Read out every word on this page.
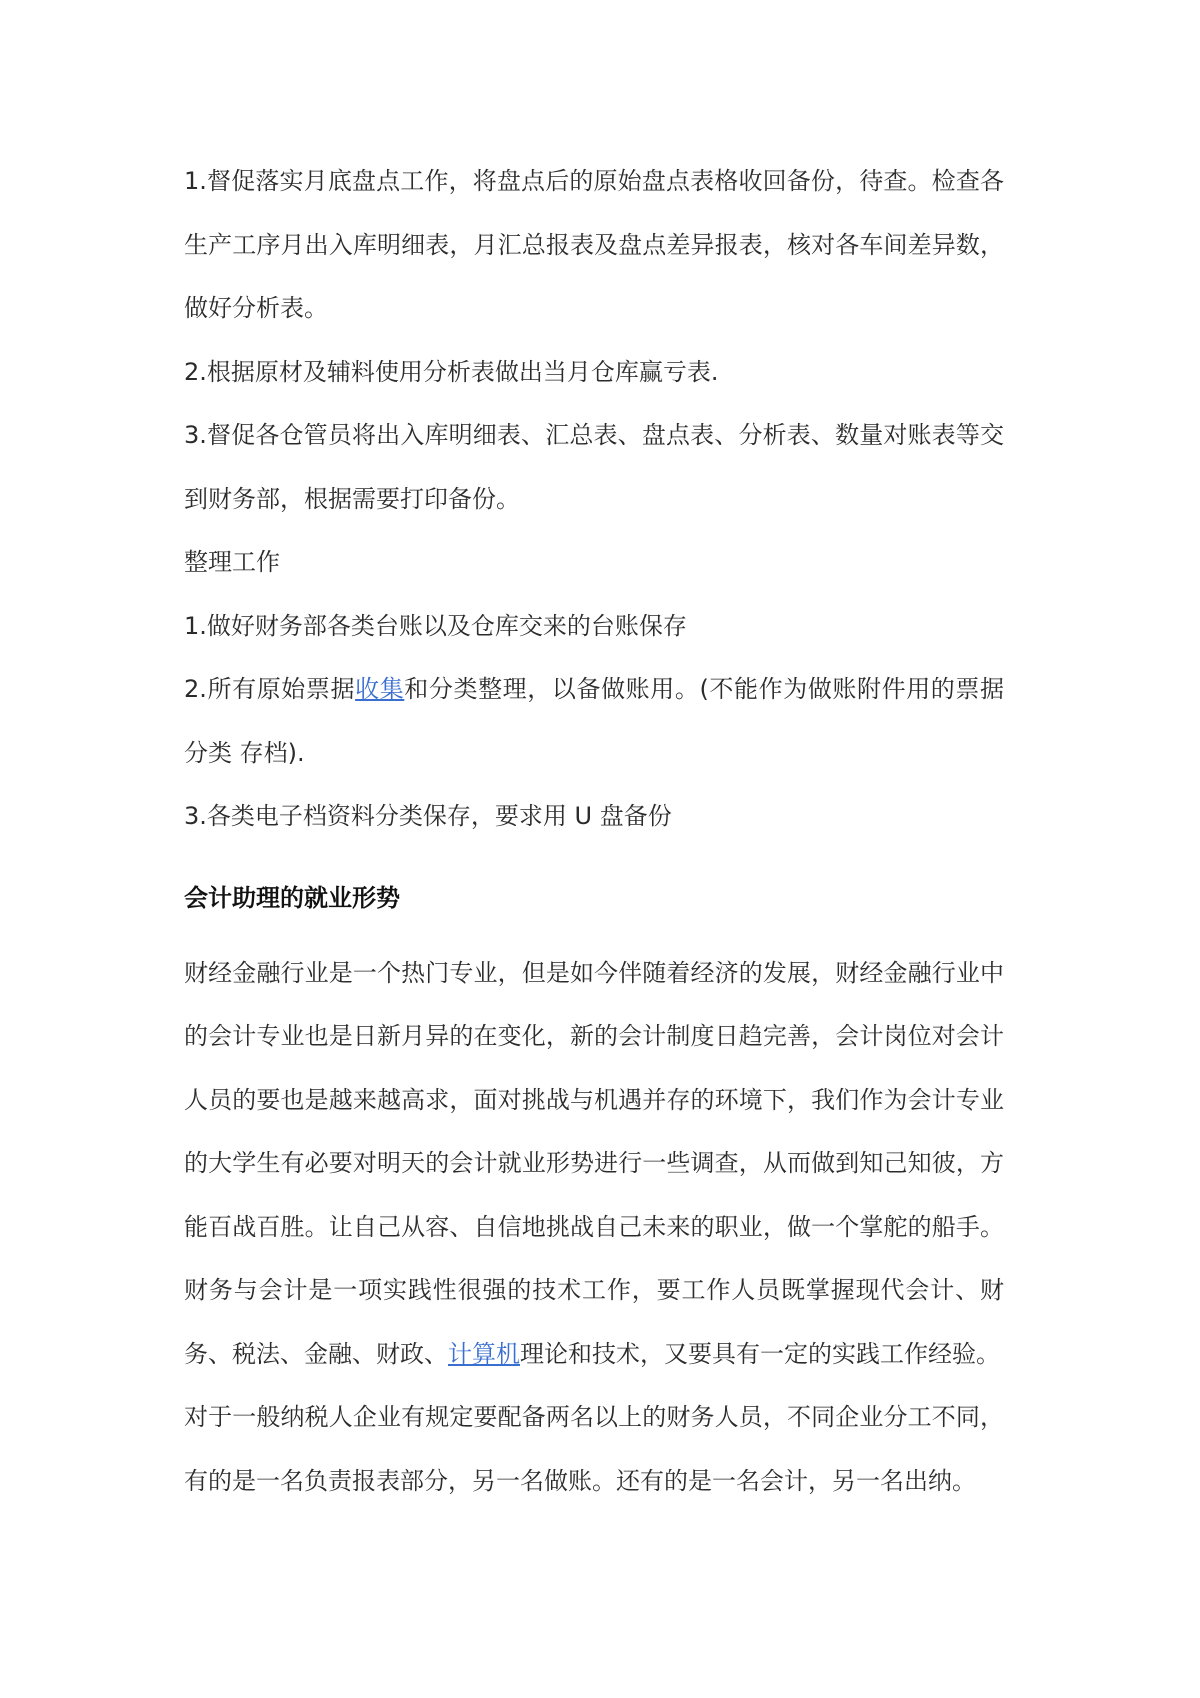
1.督促落实月底盘点工作，将盘点后的原始盘点表格收回备份，待查。检查各生产工序月出入库明细表，月汇总报表及盘点差异报表，核对各车间差异数，做好分析表。

2.根据原材及辅料使用分析表做出当月仓库赢亏表.

3.督促各仓管员将出入库明细表、汇总表、盘点表、分析表、数量对账表等交到财务部，根据需要打印备份。

整理工作

1.做好财务部各类台账以及仓库交来的台账保存

2.所有原始票据收集和分类整理，以备做账用。(不能作为做账附件用的票据分类 存档).

3.各类电子档资料分类保存，要求用 U 盘备份

会计助理的就业形势

财经金融行业是一个热门专业，但是如今伴随着经济的发展，财经金融行业中的会计专业也是日新月异的在变化，新的会计制度日趋完善，会计岗位对会计人员的要也是越来越高求，面对挑战与机遇并存的环境下，我们作为会计专业的大学生有必要对明天的会计就业形势进行一些调查，从而做到知己知彼，方能百战百胜。让自己从容、自信地挑战自己未来的职业，做一个掌舵的船手。财务与会计是一项实践性很强的技术工作，要工作人员既掌握现代会计、财务、税法、金融、财政、计算机理论和技术，又要具有一定的实践工作经验。

对于一般纳税人企业有规定要配备两名以上的财务人员，不同企业分工不同，有的是一名负责报表部分，另一名做账。还有的是一名会计，另一名出纳。
